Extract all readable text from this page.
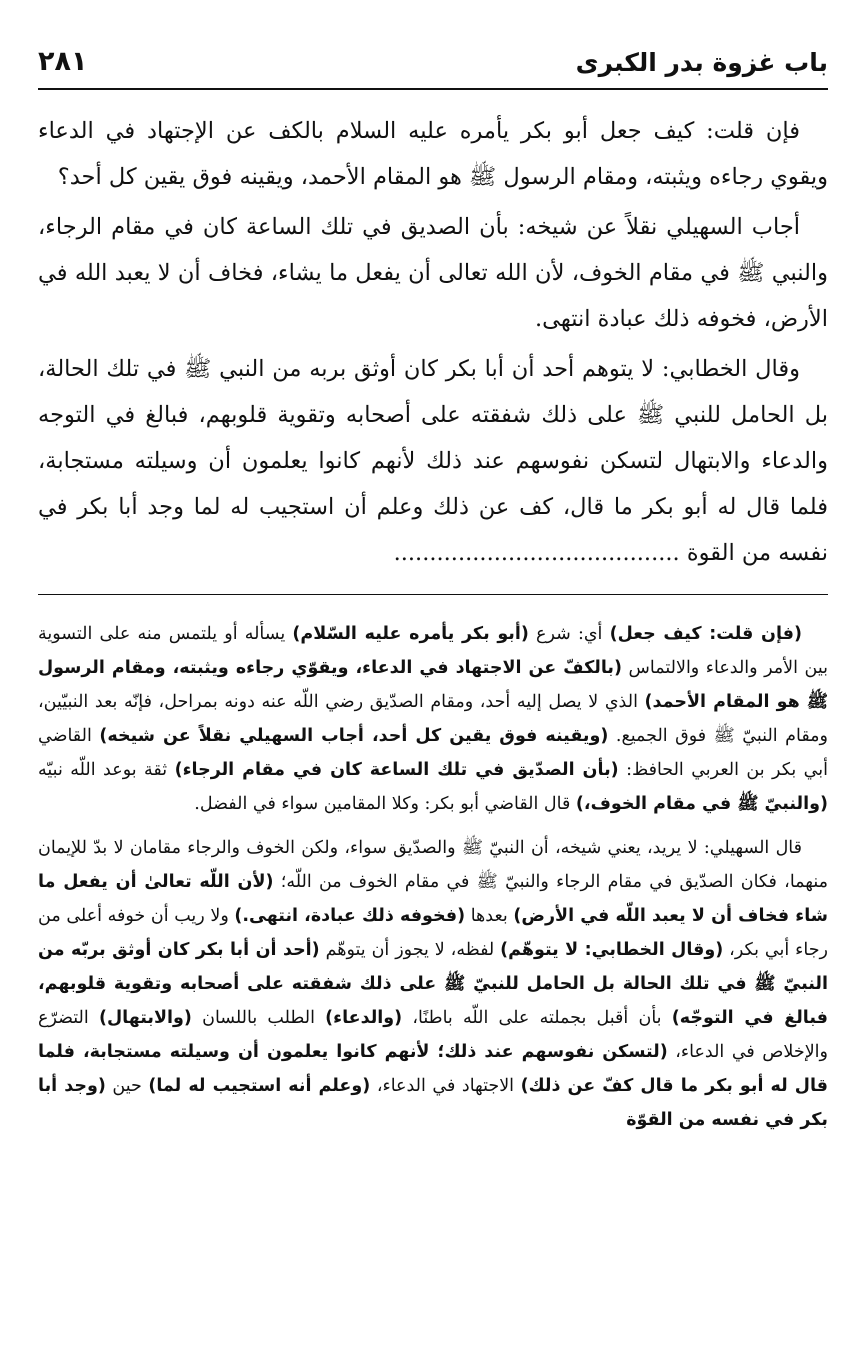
باب غزوة بدر الكبرى
٢٨١

فإن قلت: كيف جعل أبو بكر يأمره عليه السلام بالكف عن الإجتهاد في الدعاء ويقوي رجاءه ويثبته، ومقام الرسول ﷺ هو المقام الأحمد، ويقينه فوق يقين كل أحد؟

أجاب السهيلي نقلاً عن شيخه: بأن الصديق في تلك الساعة كان في مقام الرجاء، والنبي ﷺ في مقام الخوف، لأن الله تعالى أن يفعل ما يشاء، فخاف أن لا يعبد الله في الأرض، فخوفه ذلك عبادة انتهى.

وقال الخطابي: لا يتوهم أحد أن أبا بكر كان أوثق بربه من النبي ﷺ في تلك الحالة، بل الحامل للنبي ﷺ على ذلك شفقته على أصحابه وتقوية قلوبهم، فبالغ في التوجه والدعاء والابتهال لتسكن نفوسهم عند ذلك لأنهم كانوا يعلمون أن وسيلته مستجابة، فلما قال له أبو بكر ما قال، كف عن ذلك وعلم أن استجيب له لما وجد أبا بكر في نفسه من القوة ........................................

(فإن قلت: كيف جعل) أي: شرع (أبو بكر يأمره عليه السّلام) يسأله أو يلتمس منه على التسوية بين الأمر والدعاء والالتماس (بالكفّ عن الاجتهاد في الدعاء، ويقوّي رجاءه ويثبته، ومقام الرسول ﷺ هو المقام الأحمد) الذي لا يصل إليه أحد، ومقام الصدّيق رضي اللّه عنه دونه بمراحل، فإنّه بعد النبيّين، ومقام النبيّ ﷺ فوق الجميع. (ويقينه فوق يقين كل أحد، أجاب السهيلي نقلاً عن شيخه) القاضي أبي بكر بن العربي الحافظ: (بأن الصدّيق في تلك الساعة كان في مقام الرجاء) ثقة بوعد اللّه نبيّه (والنبيّ ﷺ في مقام الخوف،) قال القاضي أبو بكر: وكلا المقامين سواء في الفضل.

قال السهيلي: لا يريد، يعني شيخه، أن النبيّ ﷺ والصدّيق سواء، ولكن الخوف والرجاء مقامان لا بدّ للإيمان منهما، فكان الصدّيق في مقام الرجاء والنبيّ ﷺ في مقام الخوف من اللّه؛ (لأن اللّه تعالىٰ أن يفعل ما شاء فخاف أن لا يعبد اللّه في الأرض) بعدها (فخوفه ذلك عبادة، انتهى.) ولا ريب أن خوفه أعلى من رجاء أبي بكر، (وقال الخطابي: لا يتوهّم) لفظه، لا يجوز أن يتوهّم (أحد أن أبا بكر كان أوثق بربّه من النبيّ ﷺ في تلك الحالة بل الحامل للنبيّ ﷺ على ذلك شفقته على أصحابه وتقوية قلوبهم، فبالغ في التوجّه) بأن أقبل بجملته على اللّه باطنًا، (والدعاء) الطلب باللسان (والابتهال) التضرّع والإخلاص في الدعاء، (لتسكن نفوسهم عند ذلك؛ لأنهم كانوا يعلمون أن وسيلته مستجابة، فلما قال له أبو بكر ما قال كفّ عن ذلك) الاجتهاد في الدعاء، (وعلم أنه استجيب له لما) حين (وجد أبا بكر في نفسه من القوّة
